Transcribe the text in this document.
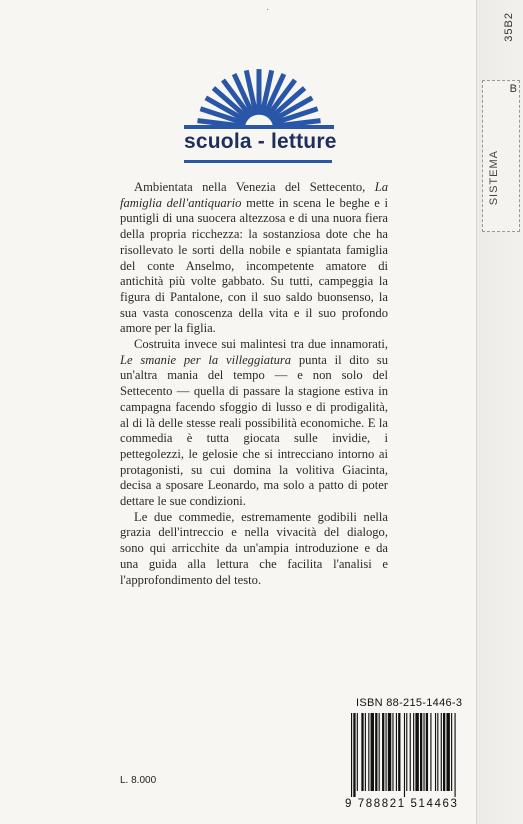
·
35B2
B
SISTEMA
scuola - letture

Ambientata nella Venezia del Settecento, La famiglia dell'antiquario mette in scena le beghe e i puntigli di una suocera altezzosa e di una nuora fiera della propria ricchezza: la sostanziosa dote che ha risollevato le sorti della nobile e spiantata famiglia del conte Anselmo, incompetente amatore di antichità più volte gabbato. Su tutti, campeggia la figura di Pantalone, con il suo saldo buonsenso, la sua vasta conoscenza della vita e il suo profondo amore per la figlia.

Costruita invece sui malintesi tra due innamorati, Le smanie per la villeggiatura punta il dito su un'altra mania del tempo — e non solo del Settecento — quella di passare la stagione estiva in campagna facendo sfoggio di lusso e di prodigalità, al di là delle stesse reali possibilità economiche. E la commedia è tutta giocata sulle invidie, i pettegolezzi, le gelosie che si intrecciano intorno ai protagonisti, su cui domina la volitiva Giacinta, decisa a sposare Leonardo, ma solo a patto di poter dettare le sue condizioni.

Le due commedie, estremamente godibili nella grazia dell'intreccio e nella vivacità del dialogo, sono qui arricchite da un'ampia introduzione e da una guida alla lettura che facilita l'analisi e l'approfondimento del testo.

ISBN 88-215-1446-3
9 788821 514463
L. 8.000
